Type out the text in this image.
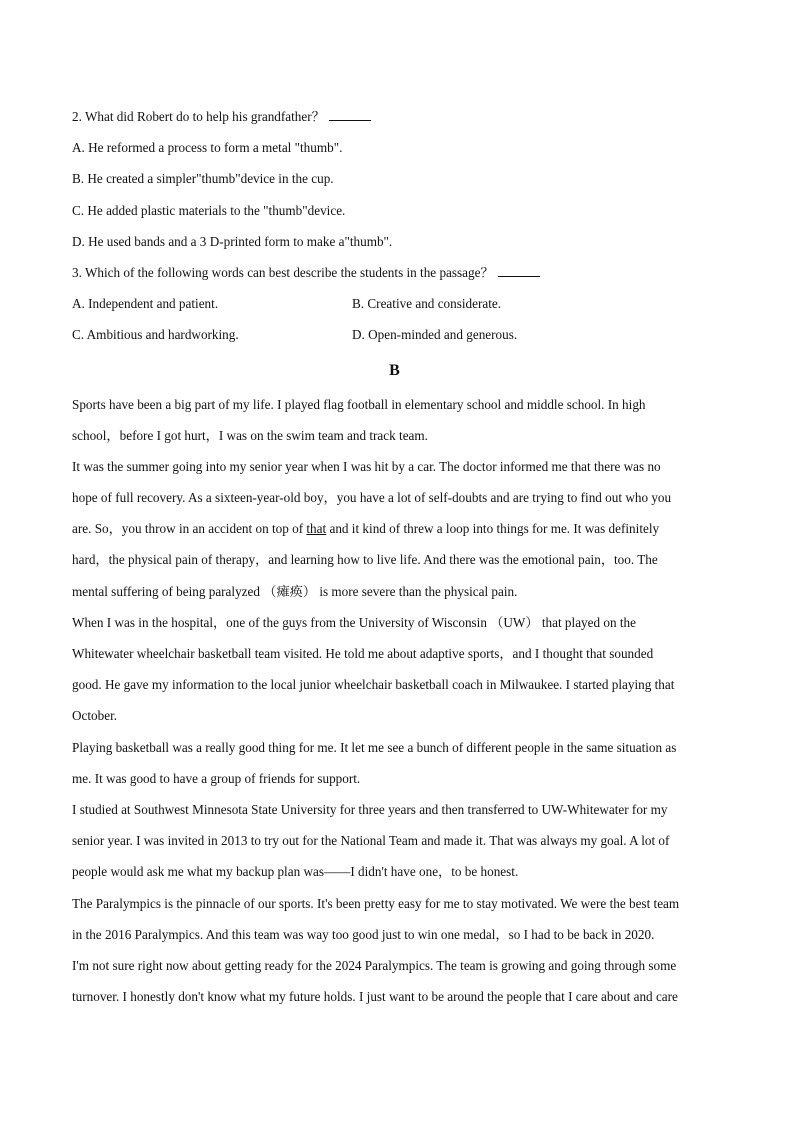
2. What did Robert do to help his grandfather？
A. He reformed a process to form a metal "thumb".
B. He created a simpler"thumb"device in the cup.
C. He added plastic materials to the "thumb"device.
D. He used bands and a 3 D-printed form to make a"thumb".
3. Which of the following words can best describe the students in the passage？
A. Independent and patient.	B. Creative and considerate.
C. Ambitious and hardworking.	D. Open-minded and generous.
B
Sports have been a big part of my life. I played flag football in elementary school and middle school. In high
school，before I got hurt，I was on the swim team and track team.
It was the summer going into my senior year when I was hit by a car. The doctor informed me that there was no
hope of full recovery. As a sixteen-year-old boy，you have a lot of self-doubts and are trying to find out who you
are. So，you throw in an accident on top of that and it kind of threw a loop into things for me. It was definitely
hard，the physical pain of therapy，and learning how to live life. And there was the emotional pain，too. The
mental suffering of being paralyzed （瘫痪） is more severe than the physical pain.
When I was in the hospital，one of the guys from the University of Wisconsin （UW） that played on the
Whitewater wheelchair basketball team visited. He told me about adaptive sports，and I thought that sounded
good. He gave my information to the local junior wheelchair basketball coach in Milwaukee. I started playing that
October.
Playing basketball was a really good thing for me. It let me see a bunch of different people in the same situation as
me. It was good to have a group of friends for support.
I studied at Southwest Minnesota State University for three years and then transferred to UW-Whitewater for my
senior year. I was invited in 2013 to try out for the National Team and made it. That was always my goal. A lot of
people would ask me what my backup plan was——I didn't have one，to be honest.
The Paralympics is the pinnacle of our sports. It's been pretty easy for me to stay motivated. We were the best team
in the 2016 Paralympics. And this team was way too good just to win one medal，so I had to be back in 2020.
I'm not sure right now about getting ready for the 2024 Paralympics. The team is growing and going through some
turnover. I honestly don't know what my future holds. I just want to be around the people that I care about and care
